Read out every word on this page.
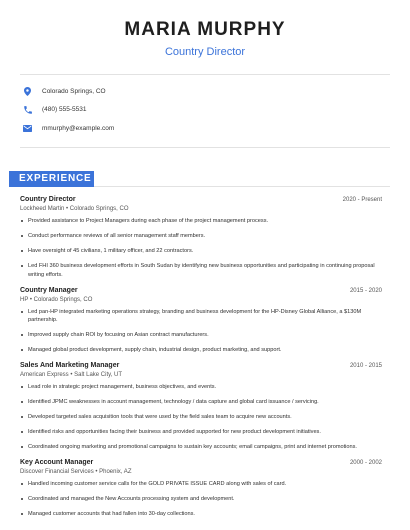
MARIA MURPHY
Country Director
Colorado Springs, CO
(480) 555-5531
mmurphy@example.com
EXPERIENCE
Country Director	2020 - Present
Lockheed Martin • Colorado Springs, CO
Provided assistance to Project Managers during each phase of the project management process.
Conduct performance reviews of all senior management staff members.
Have oversight of 45 civilians, 1 military officer, and 22 contractors.
Led FHI 360 business development efforts in South Sudan by identifying new business opportunities and participating in continuing proposal writing efforts.
Country Manager	2015 - 2020
HP • Colorado Springs, CO
Led pan-HP integrated marketing operations strategy, branding and business development for the HP-Disney Global Alliance, a $130M partnership.
Improved supply chain ROI by focusing on Asian contract manufacturers.
Managed global product development, supply chain, industrial design, product marketing, and support.
Sales And Marketing Manager	2010 - 2015
American Express • Salt Lake City, UT
Lead role in strategic project management, business objectives, and events.
Identified JPMC weaknesses in account management, technology / data capture and global card issuance / servicing.
Developed targeted sales acquisition tools that were used by the field sales team to acquire new accounts.
Identified risks and opportunities facing their business and provided supported for new product development initiatives.
Coordinated ongoing marketing and promotional campaigns to sustain key accounts; email campaigns, print and internet promotions.
Key Account Manager	2000 - 2002
Discover Financial Services • Phoenix, AZ
Handled incoming customer service calls for the GOLD PRIVATE ISSUE CARD along with sales of card.
Coordinated and managed the New Accounts processing system and development.
Managed customer accounts that had fallen into 30-day collections.
